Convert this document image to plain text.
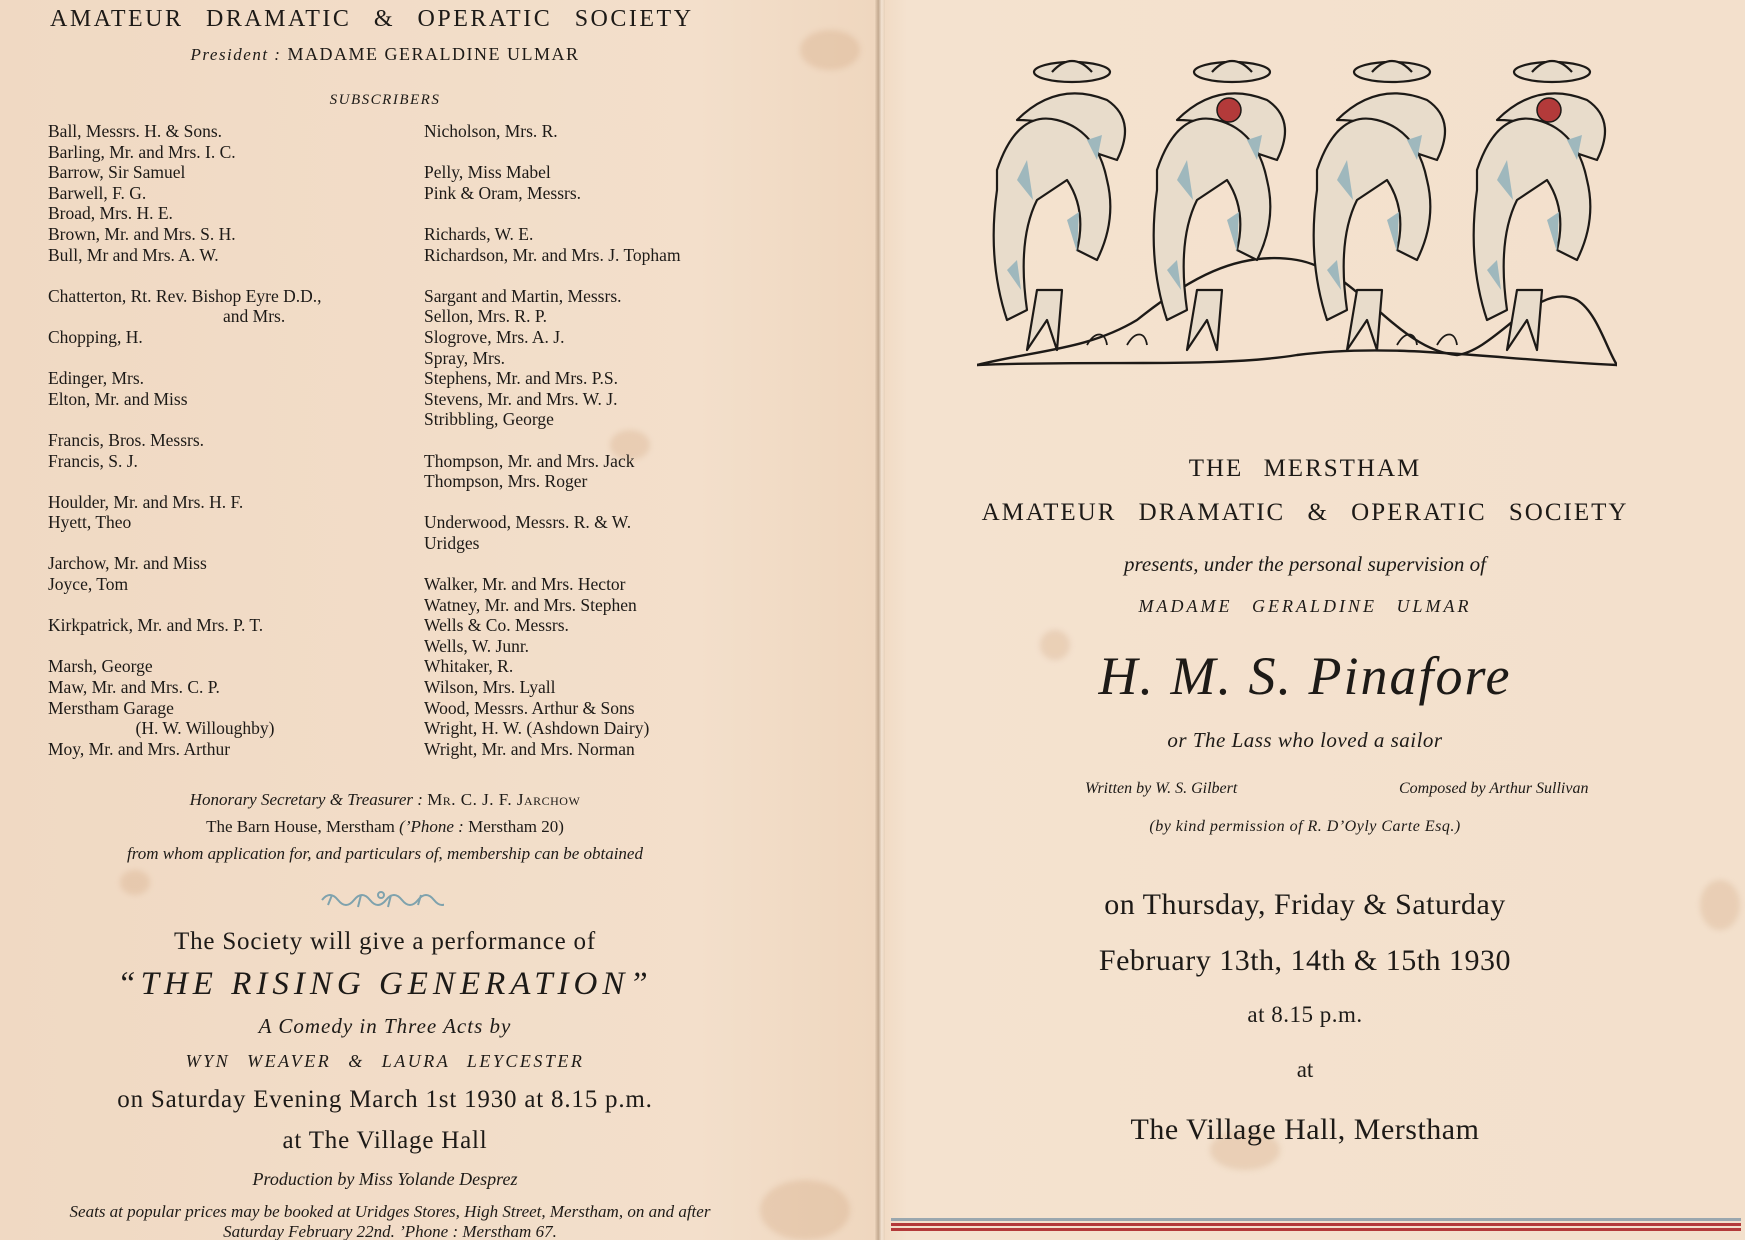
AMATEUR DRAMATIC & OPERATIC SOCIETY
President : MADAME GERALDINE ULMAR
SUBSCRIBERS
Ball, Messrs. H. & Sons.
Barling, Mr. and Mrs. I. C.
Barrow, Sir Samuel
Barwell, F. G.
Broad, Mrs. H. E.
Brown, Mr. and Mrs. S. H.
Bull, Mr and Mrs. A. W.
Chatterton, Rt. Rev. Bishop Eyre D.D.,
and Mrs.
Chopping, H.
Edinger, Mrs.
Elton, Mr. and Miss
Francis, Bros. Messrs.
Francis, S. J.
Houlder, Mr. and Mrs. H. F.
Hyett, Theo
Jarchow, Mr. and Miss
Joyce, Tom
Kirkpatrick, Mr. and Mrs. P. T.
Marsh, George
Maw, Mr. and Mrs. C. P.
Merstham Garage
(H. W. Willoughby)
Moy, Mr. and Mrs. Arthur
Nicholson, Mrs. R.
Pelly, Miss Mabel
Pink & Oram, Messrs.
Richards, W. E.
Richardson, Mr. and Mrs. J. Topham
Sargant and Martin, Messrs.
Sellon, Mrs. R. P.
Slogrove, Mrs. A. J.
Spray, Mrs.
Stephens, Mr. and Mrs. P.S.
Stevens, Mr. and Mrs. W. J.
Stribbling, George
Thompson, Mr. and Mrs. Jack
Thompson, Mrs. Roger
Underwood, Messrs. R. & W.
Uridges
Walker, Mr. and Mrs. Hector
Watney, Mr. and Mrs. Stephen
Wells & Co. Messrs.
Wells, W. Junr.
Whitaker, R.
Wilson, Mrs. Lyall
Wood, Messrs. Arthur & Sons
Wright, H. W. (Ashdown Dairy)
Wright, Mr. and Mrs. Norman
Honorary Secretary & Treasurer : Mr. C. J. F. Jarchow
The Barn House, Merstham (’Phone : Merstham 20)
from whom application for, and particulars of, membership can be obtained
The Society will give a performance of
“THE RISING GENERATION”
A Comedy in Three Acts by
WYN WEAVER & LAURA LEYCESTER
on Saturday Evening March 1st 1930 at 8.15 p.m.
at The Village Hall
Production by Miss Yolande Desprez
Seats at popular prices may be booked at Uridges Stores, High Street, Merstham, on and after Saturday February 22nd. ’Phone : Merstham 67.
THE MERSTHAM
AMATEUR DRAMATIC & OPERATIC SOCIETY
presents, under the personal supervision of
MADAME GERALDINE ULMAR
H. M. S. Pinafore
or The Lass who loved a sailor
Written by W. S. Gilbert	Composed by Arthur Sullivan
(by kind permission of R. D’Oyly Carte Esq.)
on Thursday, Friday & Saturday
February 13th, 14th & 15th 1930
at 8.15 p.m.
at
The Village Hall, Merstham
